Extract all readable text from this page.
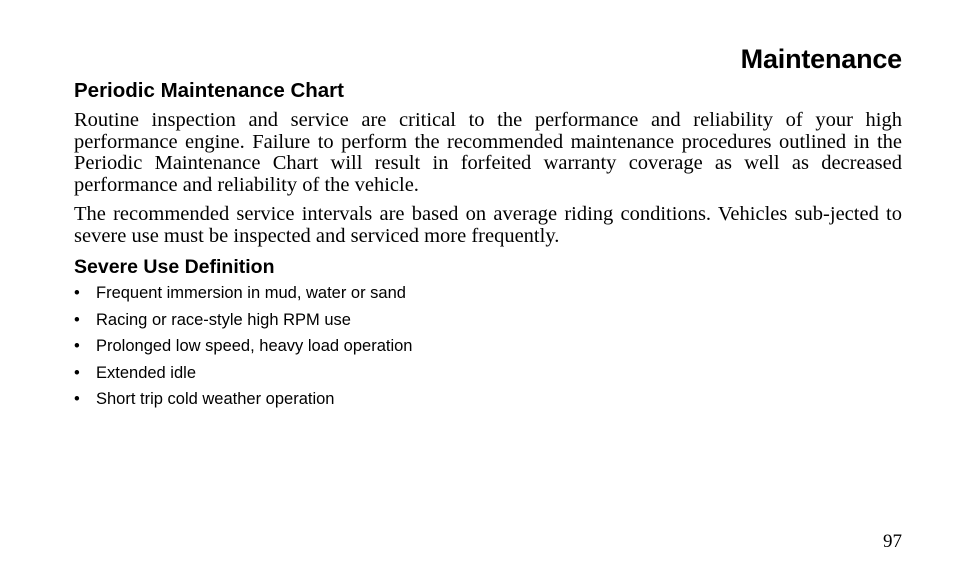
Maintenance
Periodic Maintenance Chart

Routine inspection and service are critical to the performance and reliability of your high performance engine. Failure to perform the recommended maintenance procedures outlined in the Periodic Maintenance Chart will result in forfeited warranty coverage as well as decreased performance and reliability of the vehicle.

The recommended service intervals are based on average riding conditions. Vehicles sub-jected to severe use must be inspected and serviced more frequently.

Severe Use Definition
• Frequent immersion in mud, water or sand
• Racing or race-style high RPM use
• Prolonged low speed, heavy load operation
• Extended idle
• Short trip cold weather operation
97
